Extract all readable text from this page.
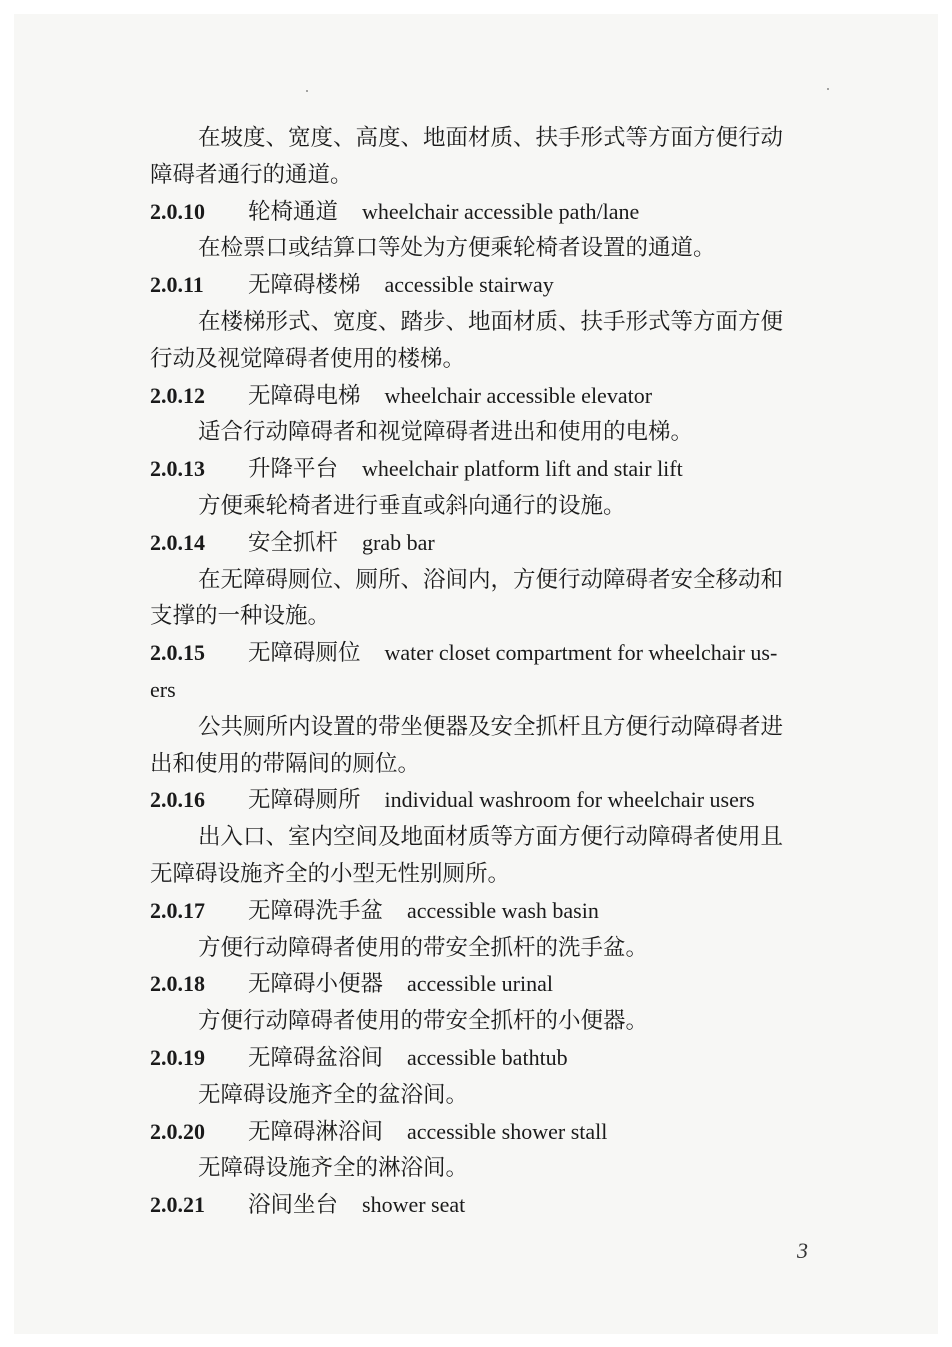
在坡度、宽度、高度、地面材质、扶手形式等方面方便行动
障碍者通行的通道。
2.0.10 轮椅通道 wheelchair accessible path/lane
在检票口或结算口等处为方便乘轮椅者设置的通道。
2.0.11 无障碍楼梯 accessible stairway
在楼梯形式、宽度、踏步、地面材质、扶手形式等方面方便
行动及视觉障碍者使用的楼梯。
2.0.12 无障碍电梯 wheelchair accessible elevator
适合行动障碍者和视觉障碍者进出和使用的电梯。
2.0.13 升降平台 wheelchair platform lift and stair lift
方便乘轮椅者进行垂直或斜向通行的设施。
2.0.14 安全抓杆 grab bar
在无障碍厕位、厕所、浴间内，方便行动障碍者安全移动和
支撑的一种设施。
2.0.15 无障碍厕位 water closet compartment for wheelchair us-
ers
公共厕所内设置的带坐便器及安全抓杆且方便行动障碍者进
出和使用的带隔间的厕位。
2.0.16 无障碍厕所 individual washroom for wheelchair users
出入口、室内空间及地面材质等方面方便行动障碍者使用且
无障碍设施齐全的小型无性别厕所。
2.0.17 无障碍洗手盆 accessible wash basin
方便行动障碍者使用的带安全抓杆的洗手盆。
2.0.18 无障碍小便器 accessible urinal
方便行动障碍者使用的带安全抓杆的小便器。
2.0.19 无障碍盆浴间 accessible bathtub
无障碍设施齐全的盆浴间。
2.0.20 无障碍淋浴间 accessible shower stall
无障碍设施齐全的淋浴间。
2.0.21 浴间坐台 shower seat
3
